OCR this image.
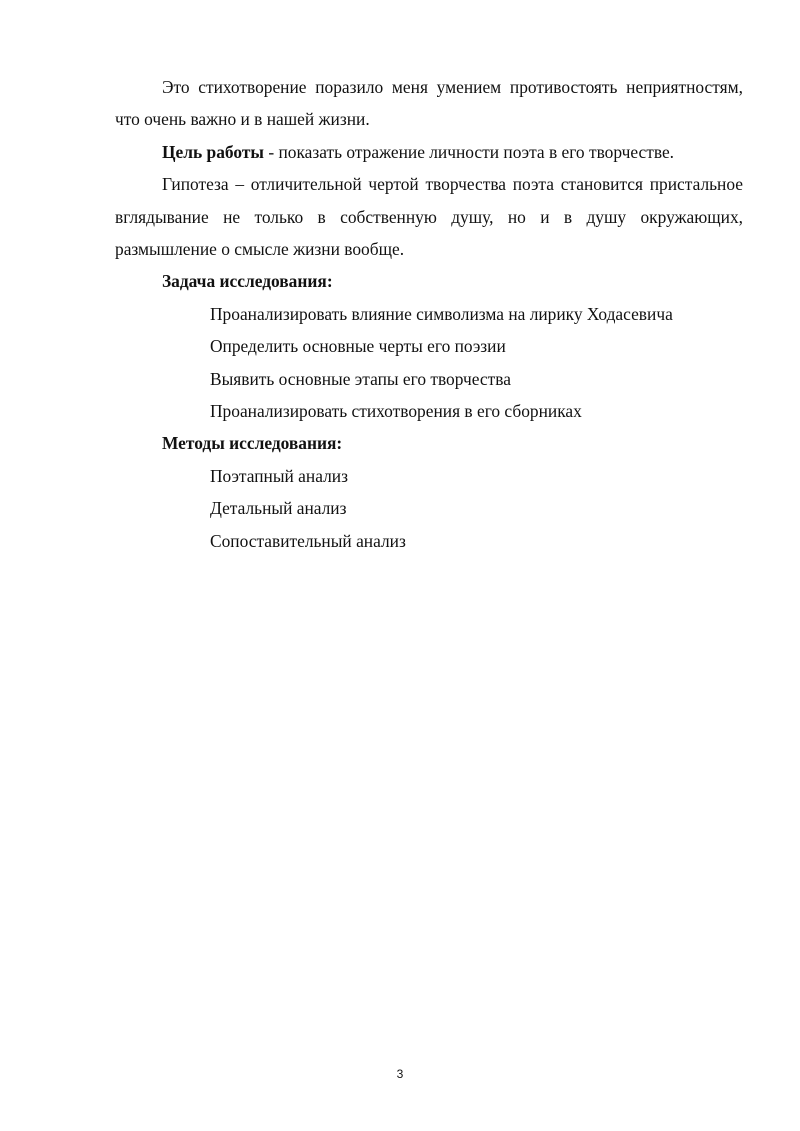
Это стихотворение поразило меня умением противостоять неприятностям, что очень важно и в нашей жизни.

Цель работы - показать отражение личности поэта в его творчестве.

Гипотеза – отличительной чертой творчества поэта становится пристальное вглядывание не только в собственную душу, но и в душу окружающих, размышление о смысле жизни вообще.

Задача исследования:

Проанализировать влияние символизма на лирику Ходасевича
Определить основные черты его поэзии
Выявить основные этапы его творчества
Проанализировать стихотворения в его сборниках

Методы исследования:

Поэтапный анализ
Детальный анализ
Сопоставительный анализ
3
